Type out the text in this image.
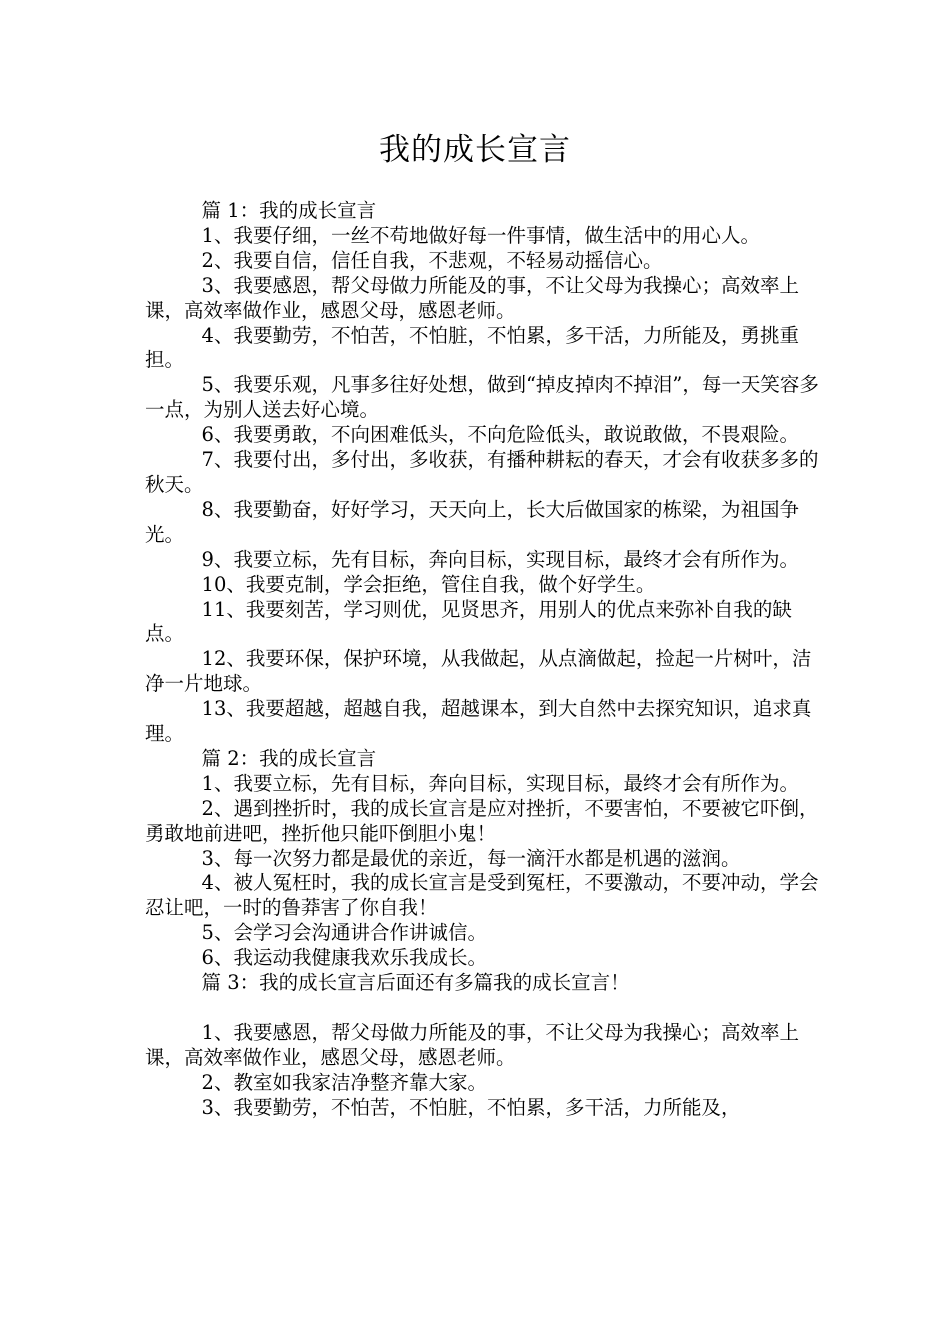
我的成长宣言

篇 1：我的成长宣言

1、我要仔细，一丝不苟地做好每一件事情，做生活中的用心人。

2、我要自信，信任自我，不悲观，不轻易动摇信心。

3、我要感恩，帮父母做力所能及的事，不让父母为我操心；高效率上课，高效率做作业，感恩父母，感恩老师。

4、我要勤劳，不怕苦，不怕脏，不怕累，多干活，力所能及，勇挑重担。

5、我要乐观，凡事多往好处想，做到“掉皮掉肉不掉泪”，每一天笑容多一点，为别人送去好心境。

6、我要勇敢，不向困难低头，不向危险低头，敢说敢做，不畏艰险。

7、我要付出，多付出，多收获，有播种耕耘的春天，才会有收获多多的秋天。

8、我要勤奋，好好学习，天天向上，长大后做国家的栋梁，为祖国争光。

9、我要立标，先有目标，奔向目标，实现目标，最终才会有所作为。

10、我要克制，学会拒绝，管住自我，做个好学生。

11、我要刻苦，学习则优，见贤思齐，用别人的优点来弥补自我的缺点。

12、我要环保，保护环境，从我做起，从点滴做起，捡起一片树叶，洁净一片地球。

13、我要超越，超越自我，超越课本，到大自然中去探究知识，追求真理。

篇 2：我的成长宣言

1、我要立标，先有目标，奔向目标，实现目标，最终才会有所作为。

2、遇到挫折时，我的成长宣言是应对挫折，不要害怕，不要被它吓倒，勇敢地前进吧，挫折他只能吓倒胆小鬼！

3、每一次努力都是最优的亲近，每一滴汗水都是机遇的滋润。

4、被人冤枉时，我的成长宣言是受到冤枉，不要激动，不要冲动，学会忍让吧，一时的鲁莽害了你自我！

5、会学习会沟通讲合作讲诚信。

6、我运动我健康我欢乐我成长。

篇 3：我的成长宣言后面还有多篇我的成长宣言！

1、我要感恩，帮父母做力所能及的事，不让父母为我操心；高效率上课，高效率做作业，感恩父母，感恩老师。

2、教室如我家洁净整齐靠大家。

3、我要勤劳，不怕苦，不怕脏，不怕累，多干活，力所能及，
